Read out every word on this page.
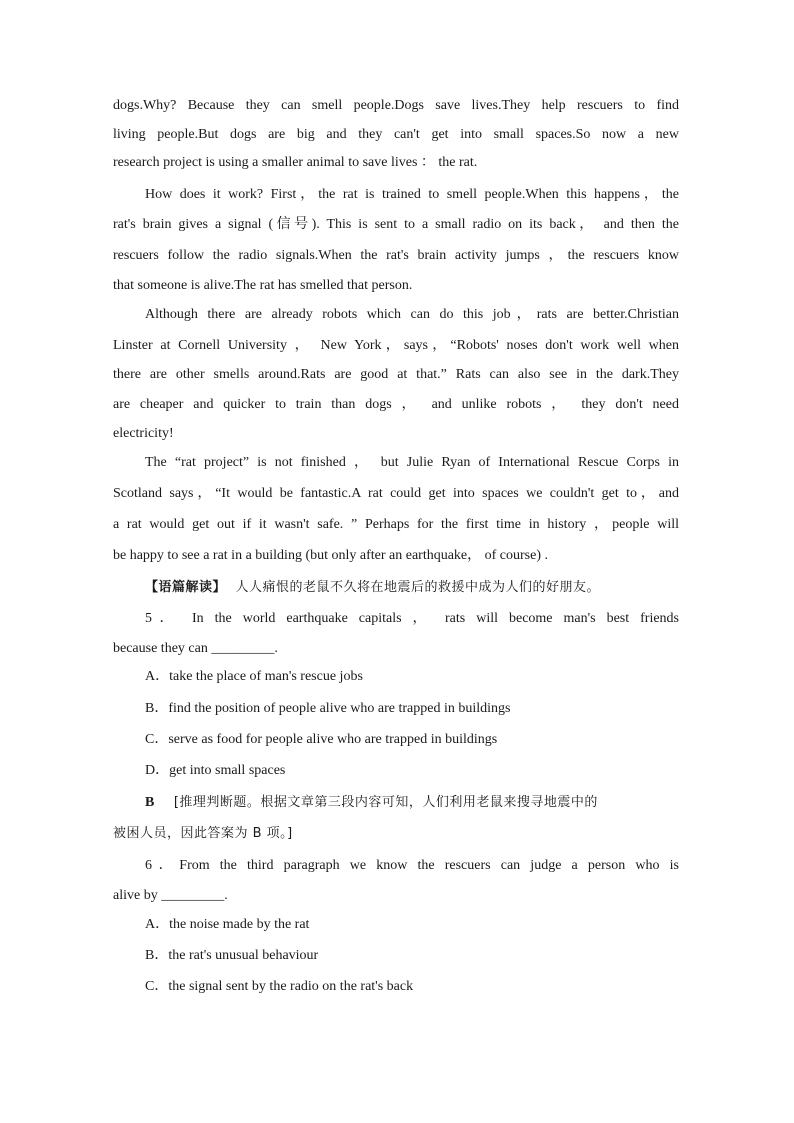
dogs.Why? Because they can smell people.Dogs save lives.They help rescuers to find
living people.But dogs are big and they can't get into small spaces.So now a new
research project is using a smaller animal to save lives ： the rat.
How does it work? First，the rat is trained to smell people.When this happens，the
rat's brain gives a signal (信号). This is sent to a small radio on its back， and then the
rescuers follow the radio signals.When the rat's brain activity jumps ，the rescuers know
that someone is alive.The rat has smelled that person.
Although there are already robots which can do this job，rats are better.Christian
Linster at Cornell University ， New York，says，“Robots' noses don't work well when
there are other smells around.Rats are good at that.” Rats can also see in the dark.They
are cheaper and quicker to train than dogs ， and unlike robots ， they don't need
electricity!
The “rat project” is not finished ， but Julie Ryan of International Rescue Corps in
Scotland says，“It would be fantastic.A rat could get into spaces we couldn't get to，and
a rat would get out if it wasn't safe. ” Perhaps for the first time in history ，people will
be happy to see a rat in a building (but only after an earthquake， of course) .
【语篇解读】 人人痛恨的老鼠不久将在地震后的救援中成为人们的好朋友。
5． In the world earthquake capitals ， rats will become man's best friends
because they can _________.
A．take the place of man's rescue jobs
B．find the position of people alive who are trapped in buildings
C．serve as food for people alive who are trapped in buildings
D．get into small spaces
B [推理判断题。根据文章第三段内容可知，人们利用老鼠来搜寻地震中的
被困人员，因此答案为 B 项。]
6．From the third paragraph we know the rescuers can judge a person who is
alive by _________.
A．the noise made by the rat
B．the rat's unusual behaviour
C．the signal sent by the radio on the rat's back
